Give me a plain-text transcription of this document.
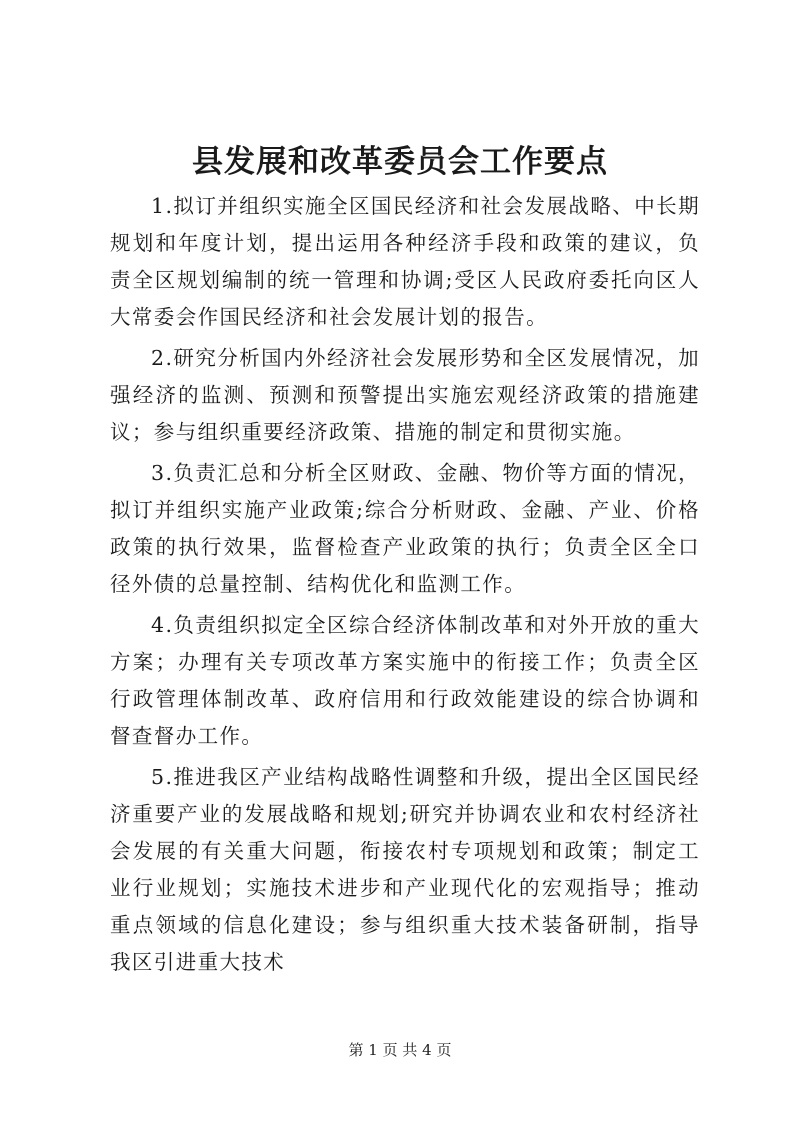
县发展和改革委员会工作要点

1.拟订并组织实施全区国民经济和社会发展战略、中长期规划和年度计划，提出运用各种经济手段和政策的建议，负责全区规划编制的统一管理和协调;受区人民政府委托向区人大常委会作国民经济和社会发展计划的报告。

2.研究分析国内外经济社会发展形势和全区发展情况，加强经济的监测、预测和预警提出实施宏观经济政策的措施建议；参与组织重要经济政策、措施的制定和贯彻实施。

3.负责汇总和分析全区财政、金融、物价等方面的情况，拟订并组织实施产业政策;综合分析财政、金融、产业、价格政策的执行效果，监督检查产业政策的执行；负责全区全口径外债的总量控制、结构优化和监测工作。

4.负责组织拟定全区综合经济体制改革和对外开放的重大方案；办理有关专项改革方案实施中的衔接工作；负责全区行政管理体制改革、政府信用和行政效能建设的综合协调和督查督办工作。

5.推进我区产业结构战略性调整和升级，提出全区国民经济重要产业的发展战略和规划;研究并协调农业和农村经济社会发展的有关重大问题，衔接农村专项规划和政策；制定工业行业规划；实施技术进步和产业现代化的宏观指导；推动重点领域的信息化建设；参与组织重大技术装备研制，指导我区引进重大技术

第 1 页 共 4 页
